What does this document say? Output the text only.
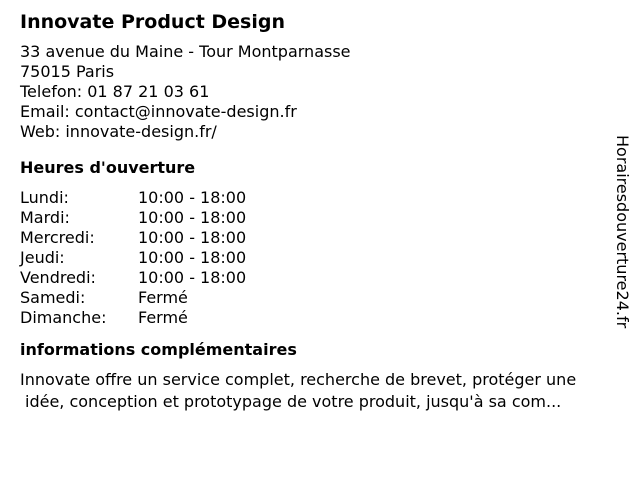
Innovate Product Design
33 avenue du Maine - Tour Montparnasse
75015 Paris
Telefon: 01 87 21 03 61
Email: contact@innovate-design.fr
Web: innovate-design.fr/
Heures d'ouverture
Lundi:	10:00 - 18:00
Mardi:	10:00 - 18:00
Mercredi:	10:00 - 18:00
Jeudi:	10:00 - 18:00
Vendredi:	10:00 - 18:00
Samedi:	Fermé
Dimanche:	Fermé
informations complémentaires
Innovate offre un service complet, recherche de brevet, protéger une
idée, conception et prototypage de votre produit, jusqu'à sa com...
Horairesdouverture24.fr
